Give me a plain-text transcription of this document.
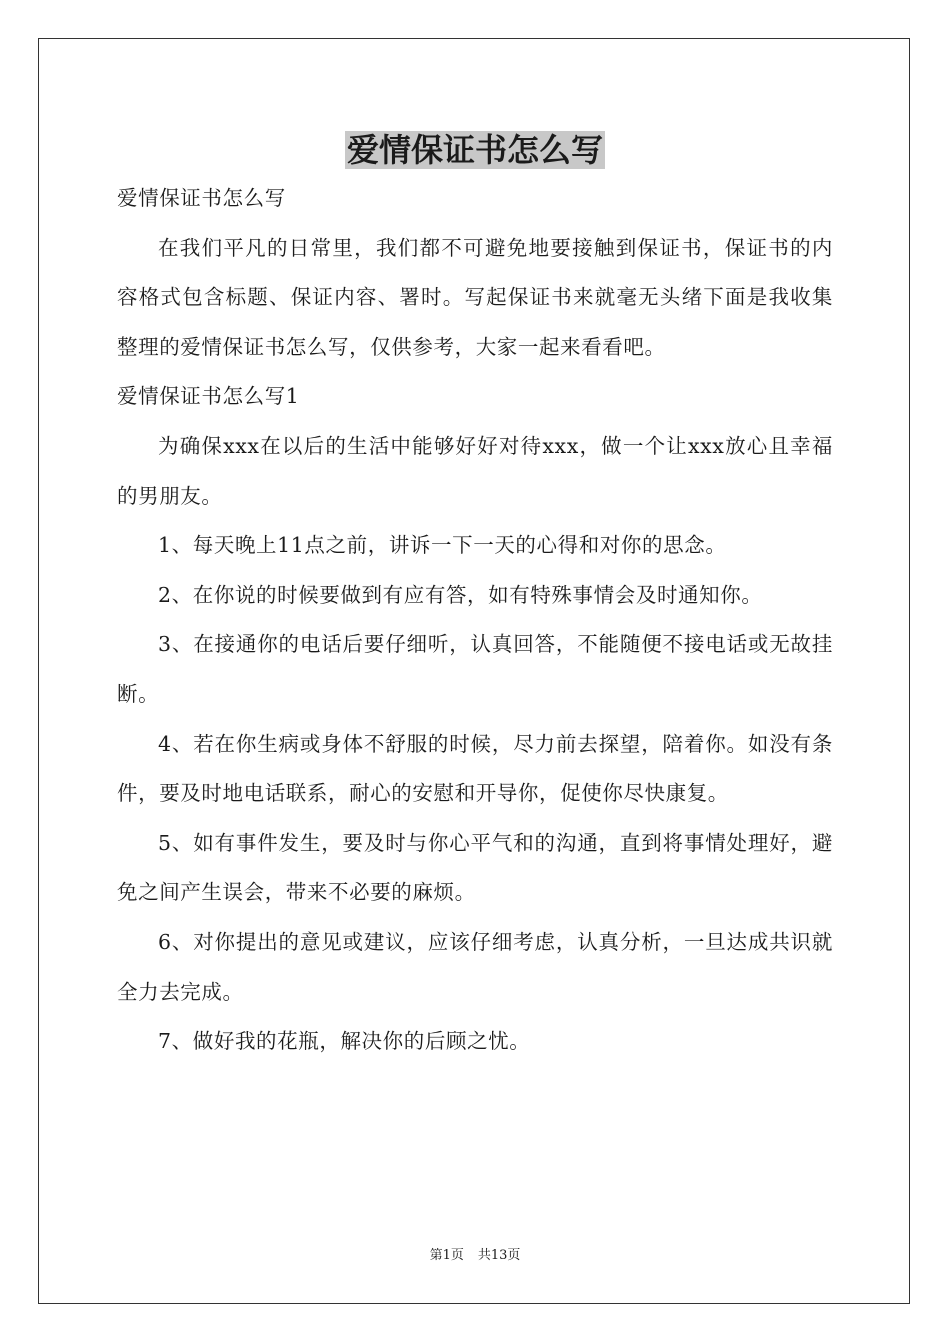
爱情保证书怎么写

爱情保证书怎么写

在我们平凡的日常里，我们都不可避免地要接触到保证书，保证书的内容格式包含标题、保证内容、署时。写起保证书来就毫无头绪下面是我收集整理的爱情保证书怎么写，仅供参考，大家一起来看看吧。

爱情保证书怎么写1

为确保xxx在以后的生活中能够好好对待xxx，做一个让xxx放心且幸福的男朋友。

1、每天晚上11点之前，讲诉一下一天的心得和对你的思念。

2、在你说的时候要做到有应有答，如有特殊事情会及时通知你。

3、在接通你的电话后要仔细听，认真回答，不能随便不接电话或无故挂断。

4、若在你生病或身体不舒服的时候，尽力前去探望，陪着你。如没有条件，要及时地电话联系，耐心的安慰和开导你，促使你尽快康复。

5、如有事件发生，要及时与你心平气和的沟通，直到将事情处理好，避免之间产生误会，带来不必要的麻烦。

6、对你提出的意见或建议，应该仔细考虑，认真分析，一旦达成共识就全力去完成。

7、做好我的花瓶，解决你的后顾之忧。

第1页 共13页
